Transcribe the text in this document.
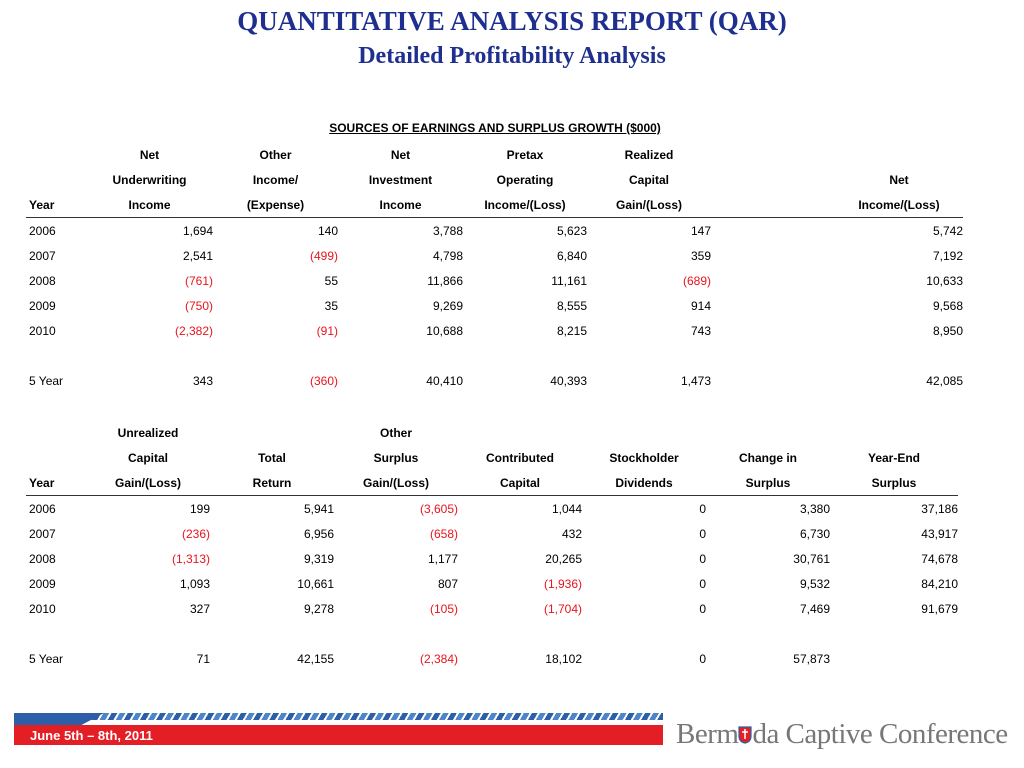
QUANTITATIVE ANALYSIS REPORT (QAR)
Detailed Profitability Analysis
SOURCES OF EARNINGS AND SURPLUS GROWTH ($000)
	Net	Other	Net	Pretax	Realized		
	Underwriting	Income/	Investment	Operating	Capital		Net
Year	Income	(Expense)	Income	Income/(Loss)	Gain/(Loss)		Income/(Loss)
2006	1,694	140	3,788	5,623	147		5,742
2007	2,541	(499)	4,798	6,840	359		7,192
2008	(761)	55	11,866	11,161	(689)		10,633
2009	(750)	35	9,269	8,555	914		9,568
2010	(2,382)	(91)	10,688	8,215	743		8,950

5 Year	343	(360)	40,410	40,393	1,473		42,085
	Unrealized		Other				
	Capital	Total	Surplus	Contributed	Stockholder	Change in	Year-End
Year	Gain/(Loss)	Return	Gain/(Loss)	Capital	Dividends	Surplus	Surplus
2006	199	5,941	(3,605)	1,044	0	3,380	37,186
2007	(236)	6,956	(658)	432	0	6,730	43,917
2008	(1,313)	9,319	1,177	20,265	0	30,761	74,678
2009	1,093	10,661	807	(1,936)	0	9,532	84,210
2010	327	9,278	(105)	(1,704)	0	7,469	91,679

5 Year	71	42,155	(2,384)	18,102	0	57,873	
June 5th – 8th, 2011	Berm da Captive Conference
